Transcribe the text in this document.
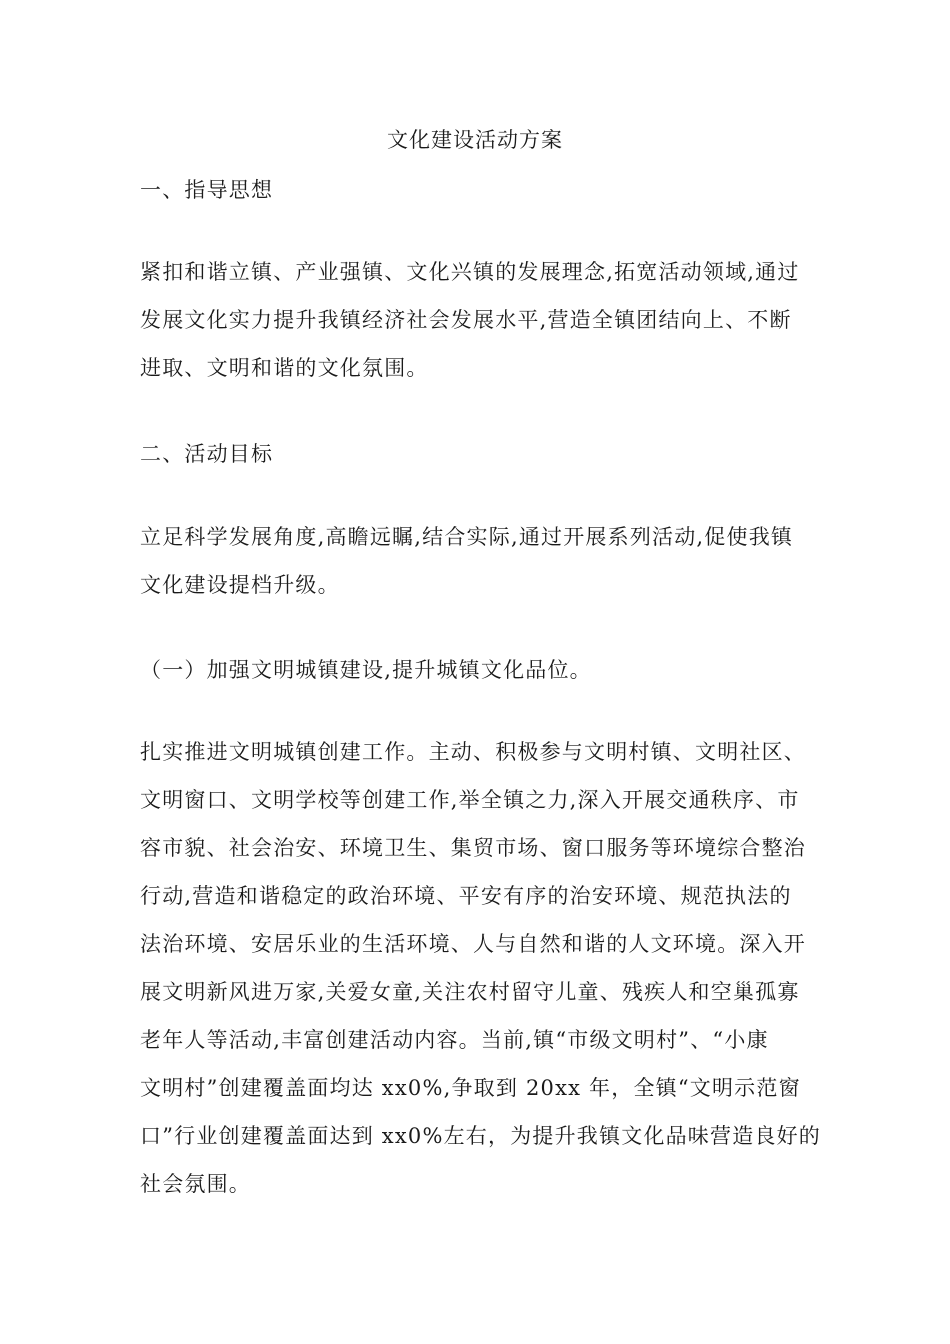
文化建设活动方案
一、指导思想
紧扣和谐立镇、产业强镇、文化兴镇的发展理念,拓宽活动领域,通过
发展文化实力提升我镇经济社会发展水平,营造全镇团结向上、不断
进取、文明和谐的文化氛围。
二、活动目标
立足科学发展角度,高瞻远瞩,结合实际,通过开展系列活动,促使我镇
文化建设提档升级。
（一）加强文明城镇建设,提升城镇文化品位。
扎实推进文明城镇创建工作。主动、积极参与文明村镇、文明社区、
文明窗口、文明学校等创建工作,举全镇之力,深入开展交通秩序、市
容市貌、社会治安、环境卫生、集贸市场、窗口服务等环境综合整治
行动,营造和谐稳定的政治环境、平安有序的治安环境、规范执法的
法治环境、安居乐业的生活环境、人与自然和谐的人文环境。深入开
展文明新风进万家,关爱女童,关注农村留守儿童、残疾人和空巢孤寡
老年人等活动,丰富创建活动内容。当前,镇“市级文明村”、“小康
文明村”创建覆盖面均达 xx0%,争取到 20xx 年，全镇“文明示范窗
口”行业创建覆盖面达到 xx0%左右，为提升我镇文化品味营造良好的
社会氛围。
